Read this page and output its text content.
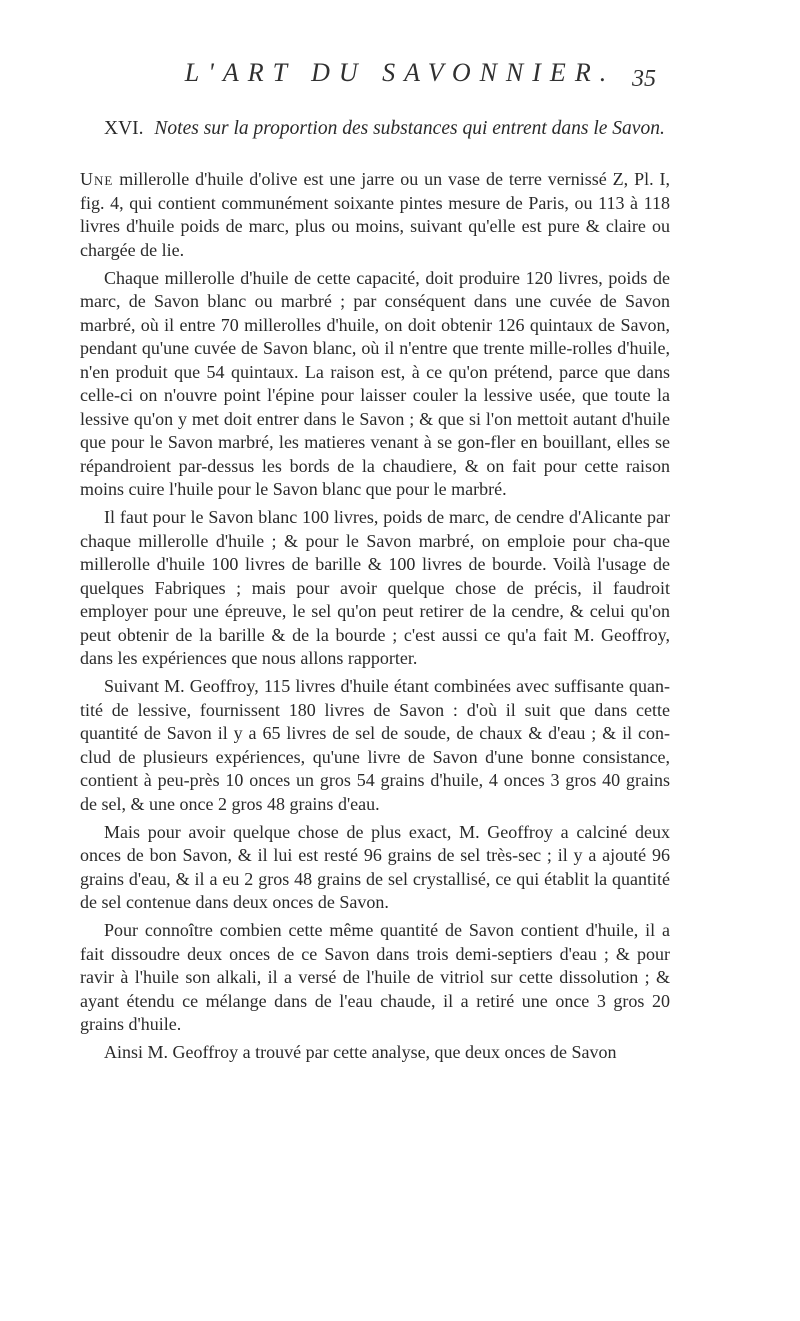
L'ART DU SAVONNIER. 35
XVI. Notes sur la proportion des substances qui entrent dans le Savon.

Une millerolle d'huile d'olive est une jarre ou un vase de terre vernissé Z, Pl. I, fig. 4, qui contient communément soixante pintes mesure de Paris, ou 113 à 118 livres d'huile poids de marc, plus ou moins, suivant qu'elle est pure & claire ou chargée de lie.

Chaque millerolle d'huile de cette capacité, doit produire 120 livres, poids de marc, de Savon blanc ou marbré ; par conséquent dans une cuvée de Savon marbré, où il entre 70 millerolles d'huile, on doit obtenir 126 quintaux de Savon, pendant qu'une cuvée de Savon blanc, où il n'entre que trente mille-rolles d'huile, n'en produit que 54 quintaux. La raison est, à ce qu'on prétend, parce que dans celle-ci on n'ouvre point l'épine pour laisser couler la lessive usée, que toute la lessive qu'on y met doit entrer dans le Savon ; & que si l'on mettoit autant d'huile que pour le Savon marbré, les matieres venant à se gon-fler en bouillant, elles se répandroient par-dessus les bords de la chaudiere, & on fait pour cette raison moins cuire l'huile pour le Savon blanc que pour le marbré.

Il faut pour le Savon blanc 100 livres, poids de marc, de cendre d'Alicante par chaque millerolle d'huile ; & pour le Savon marbré, on emploie pour cha-que millerolle d'huile 100 livres de barille & 100 livres de bourde. Voilà l'usage de quelques Fabriques ; mais pour avoir quelque chose de précis, il faudroit employer pour une épreuve, le sel qu'on peut retirer de la cendre, & celui qu'on peut obtenir de la barille & de la bourde ; c'est aussi ce qu'a fait M. Geoffroy, dans les expériences que nous allons rapporter.

Suivant M. Geoffroy, 115 livres d'huile étant combinées avec suffisante quan-tité de lessive, fournissent 180 livres de Savon : d'où il suit que dans cette quantité de Savon il y a 65 livres de sel de soude, de chaux & d'eau ; & il con-clud de plusieurs expériences, qu'une livre de Savon d'une bonne consistance, contient à peu-près 10 onces un gros 54 grains d'huile, 4 onces 3 gros 40 grains de sel, & une once 2 gros 48 grains d'eau.

Mais pour avoir quelque chose de plus exact, M. Geoffroy a calciné deux onces de bon Savon, & il lui est resté 96 grains de sel très-sec ; il y a ajouté 96 grains d'eau, & il a eu 2 gros 48 grains de sel crystallisé, ce qui établit la quantité de sel contenue dans deux onces de Savon.

Pour connoître combien cette même quantité de Savon contient d'huile, il a fait dissoudre deux onces de ce Savon dans trois demi-septiers d'eau ; & pour ravir à l'huile son alkali, il a versé de l'huile de vitriol sur cette dissolution ; & ayant étendu ce mélange dans de l'eau chaude, il a retiré une once 3 gros 20 grains d'huile.

Ainsi M. Geoffroy a trouvé par cette analyse, que deux onces de Savon
